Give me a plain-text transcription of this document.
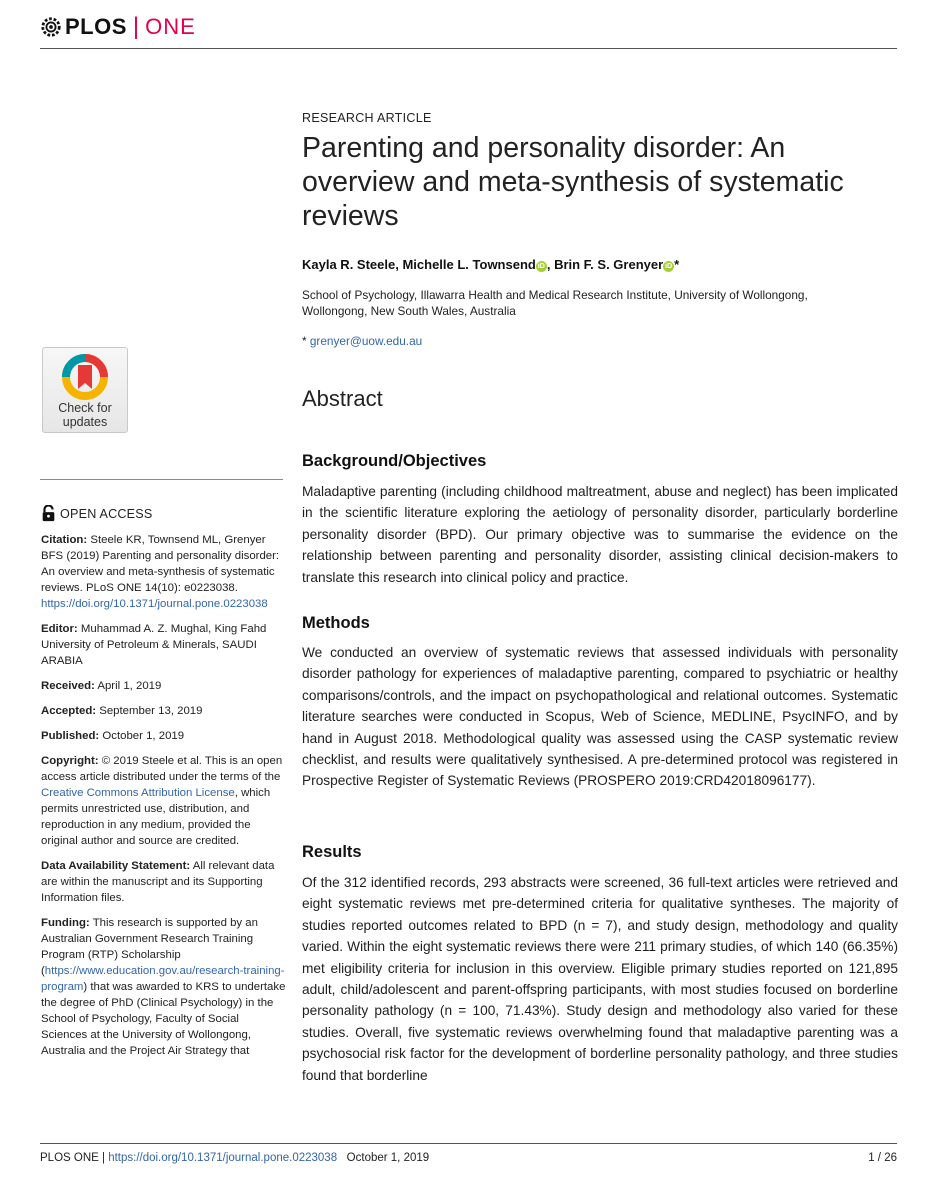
PLOS | ONE
Check for
updates
OPEN ACCESS

Citation: Steele KR, Townsend ML, Grenyer BFS (2019) Parenting and personality disorder: An overview and meta-synthesis of systematic reviews. PLoS ONE 14(10): e0223038. https://doi.org/10.1371/journal.pone.0223038

Editor: Muhammad A. Z. Mughal, King Fahd University of Petroleum & Minerals, SAUDI ARABIA

Received: April 1, 2019

Accepted: September 13, 2019

Published: October 1, 2019

Copyright: © 2019 Steele et al. This is an open access article distributed under the terms of the Creative Commons Attribution License, which permits unrestricted use, distribution, and reproduction in any medium, provided the original author and source are credited.

Data Availability Statement: All relevant data are within the manuscript and its Supporting Information files.

Funding: This research is supported by an Australian Government Research Training Program (RTP) Scholarship (https://www.education.gov.au/research-training-program) that was awarded to KRS to undertake the degree of PhD (Clinical Psychology) in the School of Psychology, Faculty of Social Sciences at the University of Wollongong, Australia and the Project Air Strategy that

RESEARCH ARTICLE
Parenting and personality disorder: An overview and meta-synthesis of systematic reviews
Kayla R. Steele, Michelle L. Townsend iD , Brin F. S. Grenyer iD *
School of Psychology, Illawarra Health and Medical Research Institute, University of Wollongong, Wollongong, New South Wales, Australia
* grenyer@uow.edu.au
Abstract
Background/Objectives

Maladaptive parenting (including childhood maltreatment, abuse and neglect) has been implicated in the scientific literature exploring the aetiology of personality disorder, particularly borderline personality disorder (BPD). Our primary objective was to summarise the evidence on the relationship between parenting and personality disorder, assisting clinical decision-makers to translate this research into clinical policy and practice.

Methods

We conducted an overview of systematic reviews that assessed individuals with personality disorder pathology for experiences of maladaptive parenting, compared to psychiatric or healthy comparisons/controls, and the impact on psychopathological and relational outcomes. Systematic literature searches were conducted in Scopus, Web of Science, MEDLINE, PsycINFO, and by hand in August 2018. Methodological quality was assessed using the CASP systematic review checklist, and results were qualitatively synthesised. A pre-determined protocol was registered in Prospective Register of Systematic Reviews (PROSPERO 2019:CRD42018096177).

Results

Of the 312 identified records, 293 abstracts were screened, 36 full-text articles were retrieved and eight systematic reviews met pre-determined criteria for qualitative syntheses. The majority of studies reported outcomes related to BPD (n = 7), and study design, methodology and quality varied. Within the eight systematic reviews there were 211 primary studies, of which 140 (66.35%) met eligibility criteria for inclusion in this overview. Eligible primary studies reported on 121,895 adult, child/adolescent and parent-offspring participants, with most studies focused on borderline personality pathology (n = 100, 71.43%). Study design and methodology also varied for these studies. Overall, five systematic reviews overwhelming found that maladaptive parenting was a psychosocial risk factor for the development of borderline personality pathology, and three studies found that borderline

PLOS ONE | https://doi.org/10.1371/journal.pone.0223038   October 1, 2019	1 / 26
